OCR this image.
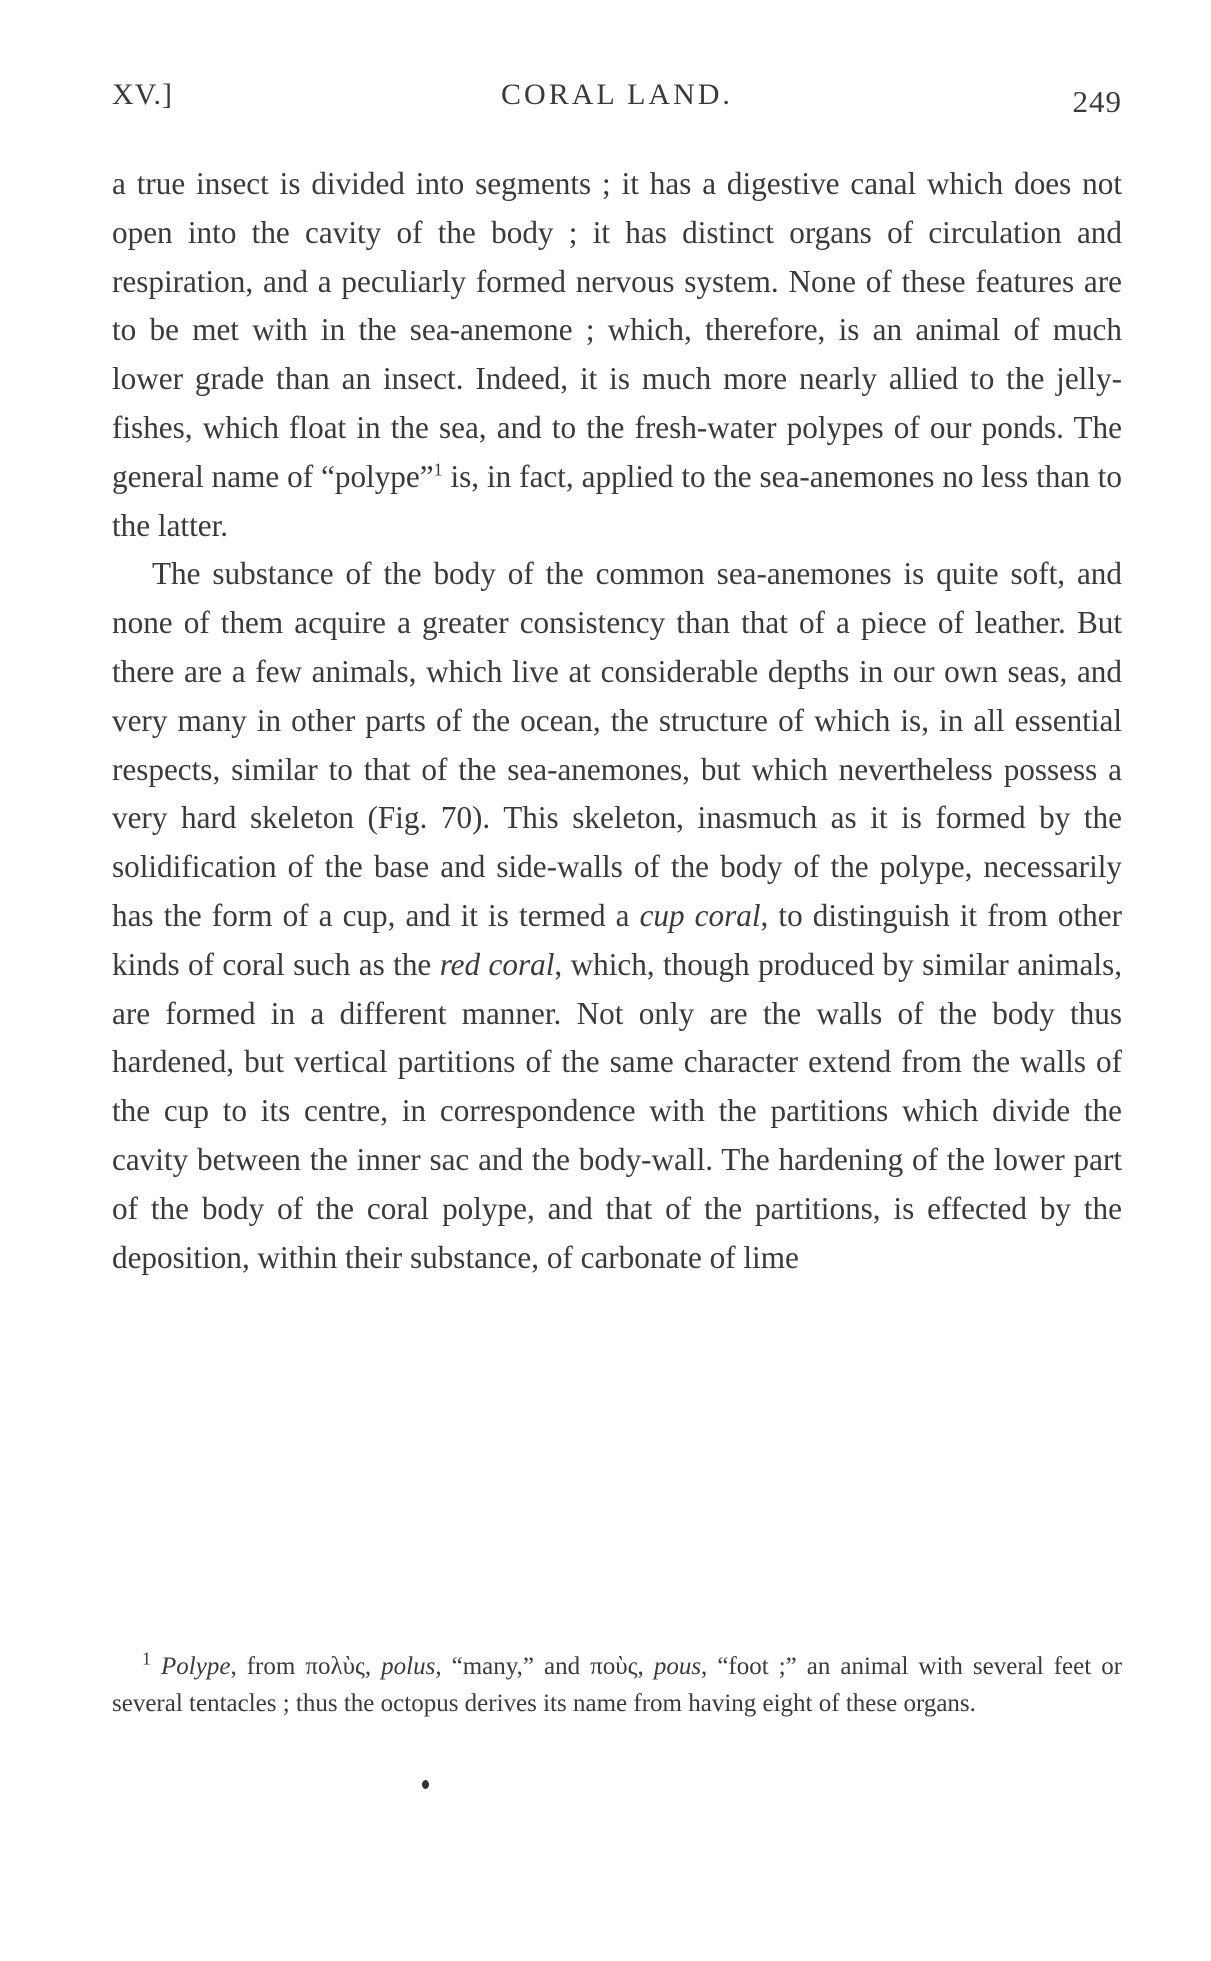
XV.]	CORAL LAND.	249

a true insect is divided into segments ; it has a digestive canal which does not open into the cavity of the body ; it has distinct organs of circulation and respiration, and a peculiarly formed nervous system. None of these features are to be met with in the sea-anemone ; which, therefore, is an animal of much lower grade than an insect. Indeed, it is much more nearly allied to the jelly-fishes, which float in the sea, and to the fresh-water polypes of our ponds. The general name of “polype”$^1$ is, in fact, applied to the sea-anemones no less than to the latter.

The substance of the body of the common sea-anemones is quite soft, and none of them acquire a greater consistency than that of a piece of leather. But there are a few animals, which live at considerable depths in our own seas, and very many in other parts of the ocean, the structure of which is, in all essential respects, similar to that of the sea-anemones, but which nevertheless possess a very hard skeleton (Fig. 70). This skeleton, inasmuch as it is formed by the solidification of the base and side-walls of the body of the polype, necessarily has the form of a cup, and it is termed a cup coral, to distinguish it from other kinds of coral such as the red coral, which, though produced by similar animals, are formed in a different manner. Not only are the walls of the body thus hardened, but vertical partitions of the same character extend from the walls of the cup to its centre, in correspondence with the partitions which divide the cavity between the inner sac and the body-wall. The hardening of the lower part of the body of the coral polype, and that of the partitions, is effected by the deposition, within their substance, of carbonate of lime

$^1$ Polype, from πολὺς, polus, “many,” and ποὺς, pous, “foot ;” an animal with several feet or several tentacles ; thus the octopus derives its name from having eight of these organs.
